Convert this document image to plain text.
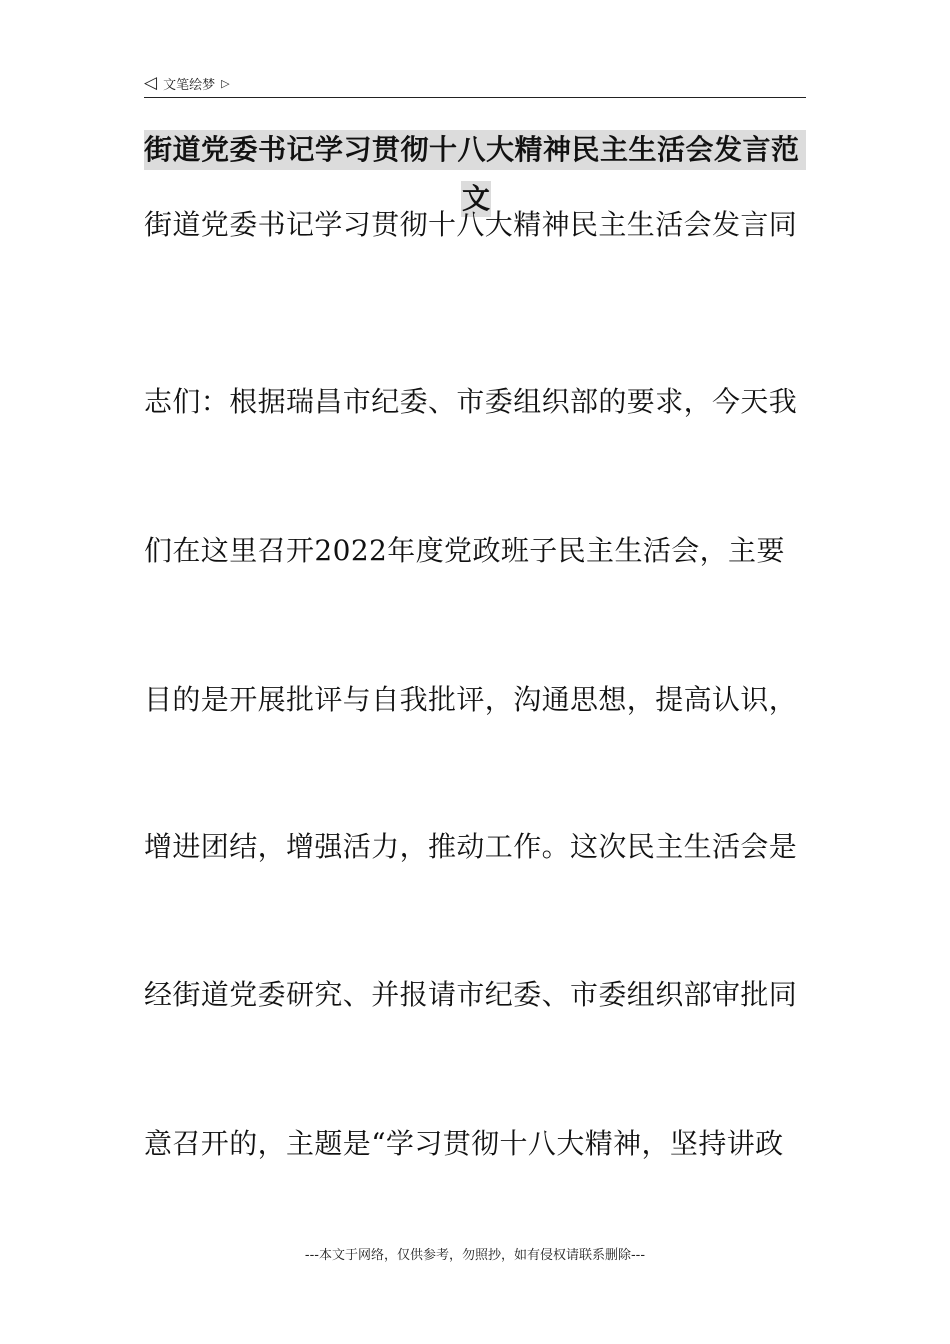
◁ 文笔绘梦 ▷
街道党委书记学习贯彻十八大精神民主生活会发言范
文
街道党委书记学习贯彻十八大精神民主生活会发言同
志们：根据瑞昌市纪委、市委组织部的要求，今天我
们在这里召开2022年度党政班子民主生活会，主要
目的是开展批评与自我批评，沟通思想，提高认识，
增进团结，增强活力，推动工作。这次民主生活会是
经街道党委研究、并报请市纪委、市委组织部审批同
意召开的，主题是“学习贯彻十八大精神，坚持讲政
---本文于网络，仅供参考，勿照抄，如有侵权请联系删除---
